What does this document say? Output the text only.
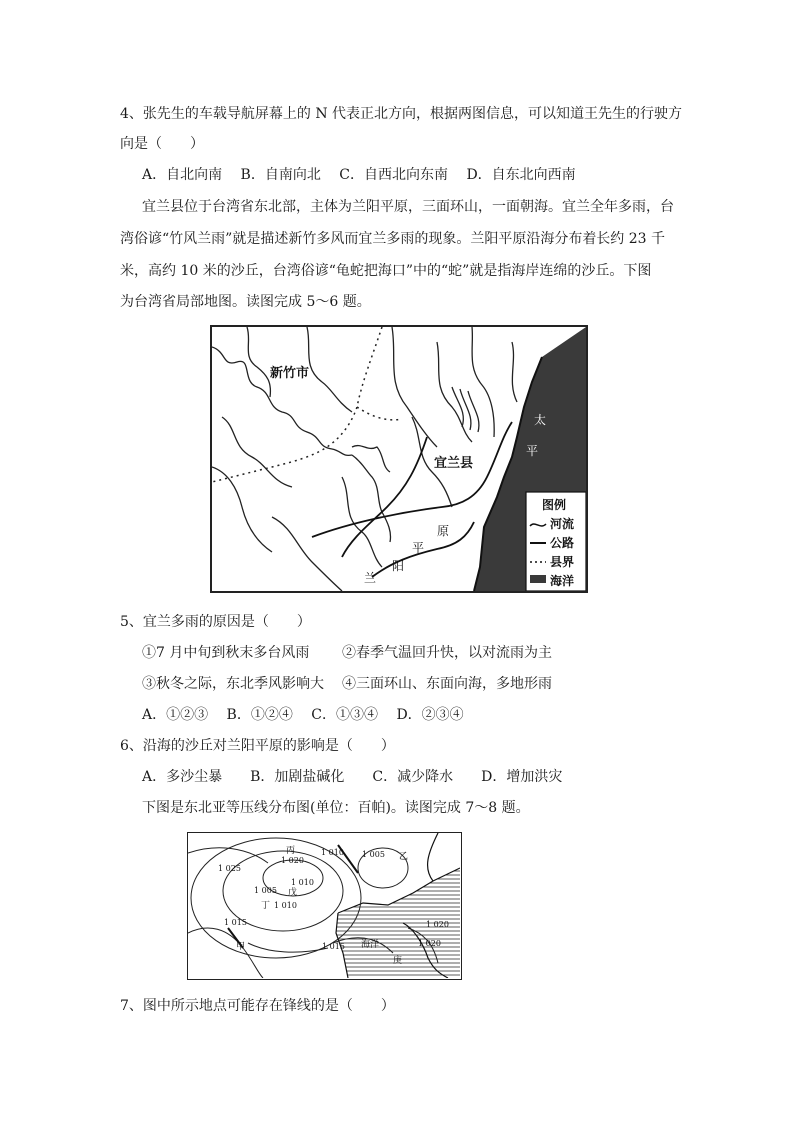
4、张先生的车载导航屏幕上的 N 代表正北方向，根据两图信息，可以知道王先生的行驶方
向是（　　）
A．自北向南　 B．自南向北　 C．自西北向东南　 D．自东北向西南
宜兰县位于台湾省东北部，主体为兰阳平原，三面环山，一面朝海。宜兰全年多雨，台
湾俗谚“竹风兰雨”就是描述新竹多风而宜兰多雨的现象。兰阳平原沿海分布着长约 23 千
米，高约 10 米的沙丘，台湾俗谚“龟蛇把海口”中的“蛇”就是指海岸连绵的沙丘。下图
为台湾省局部地图。读图完成 5～6 题。
新竹市
宜兰县
兰
阳
平
原
太
平
图例
河流
公路
县界
海洋
5、宜兰多雨的原因是（　　）
①7 月中旬到秋末多台风雨 ②春季气温回升快，以对流雨为主
③秋冬之际，东北季风影响大 ④三面环山、东面向海，多地形雨
A．①②③　 B．①②④　 C．①③④　 D．②③④
6、沿海的沙丘对兰阳平原的影响是（　　）
A．多沙尘暴　　B．加剧盐碱化　　C．减少降水　　D．增加洪灾
下图是东北亚等压线分布图(单位：百帕)。读图完成 7～8 题。
1 025
1 020
1 010 1 005
1 010
1 005
1 010
1 015
1 015
1 020
1 020
丙
乙
戊
丁
甲
庚
海洋
7、图中所示地点可能存在锋线的是（　　）
